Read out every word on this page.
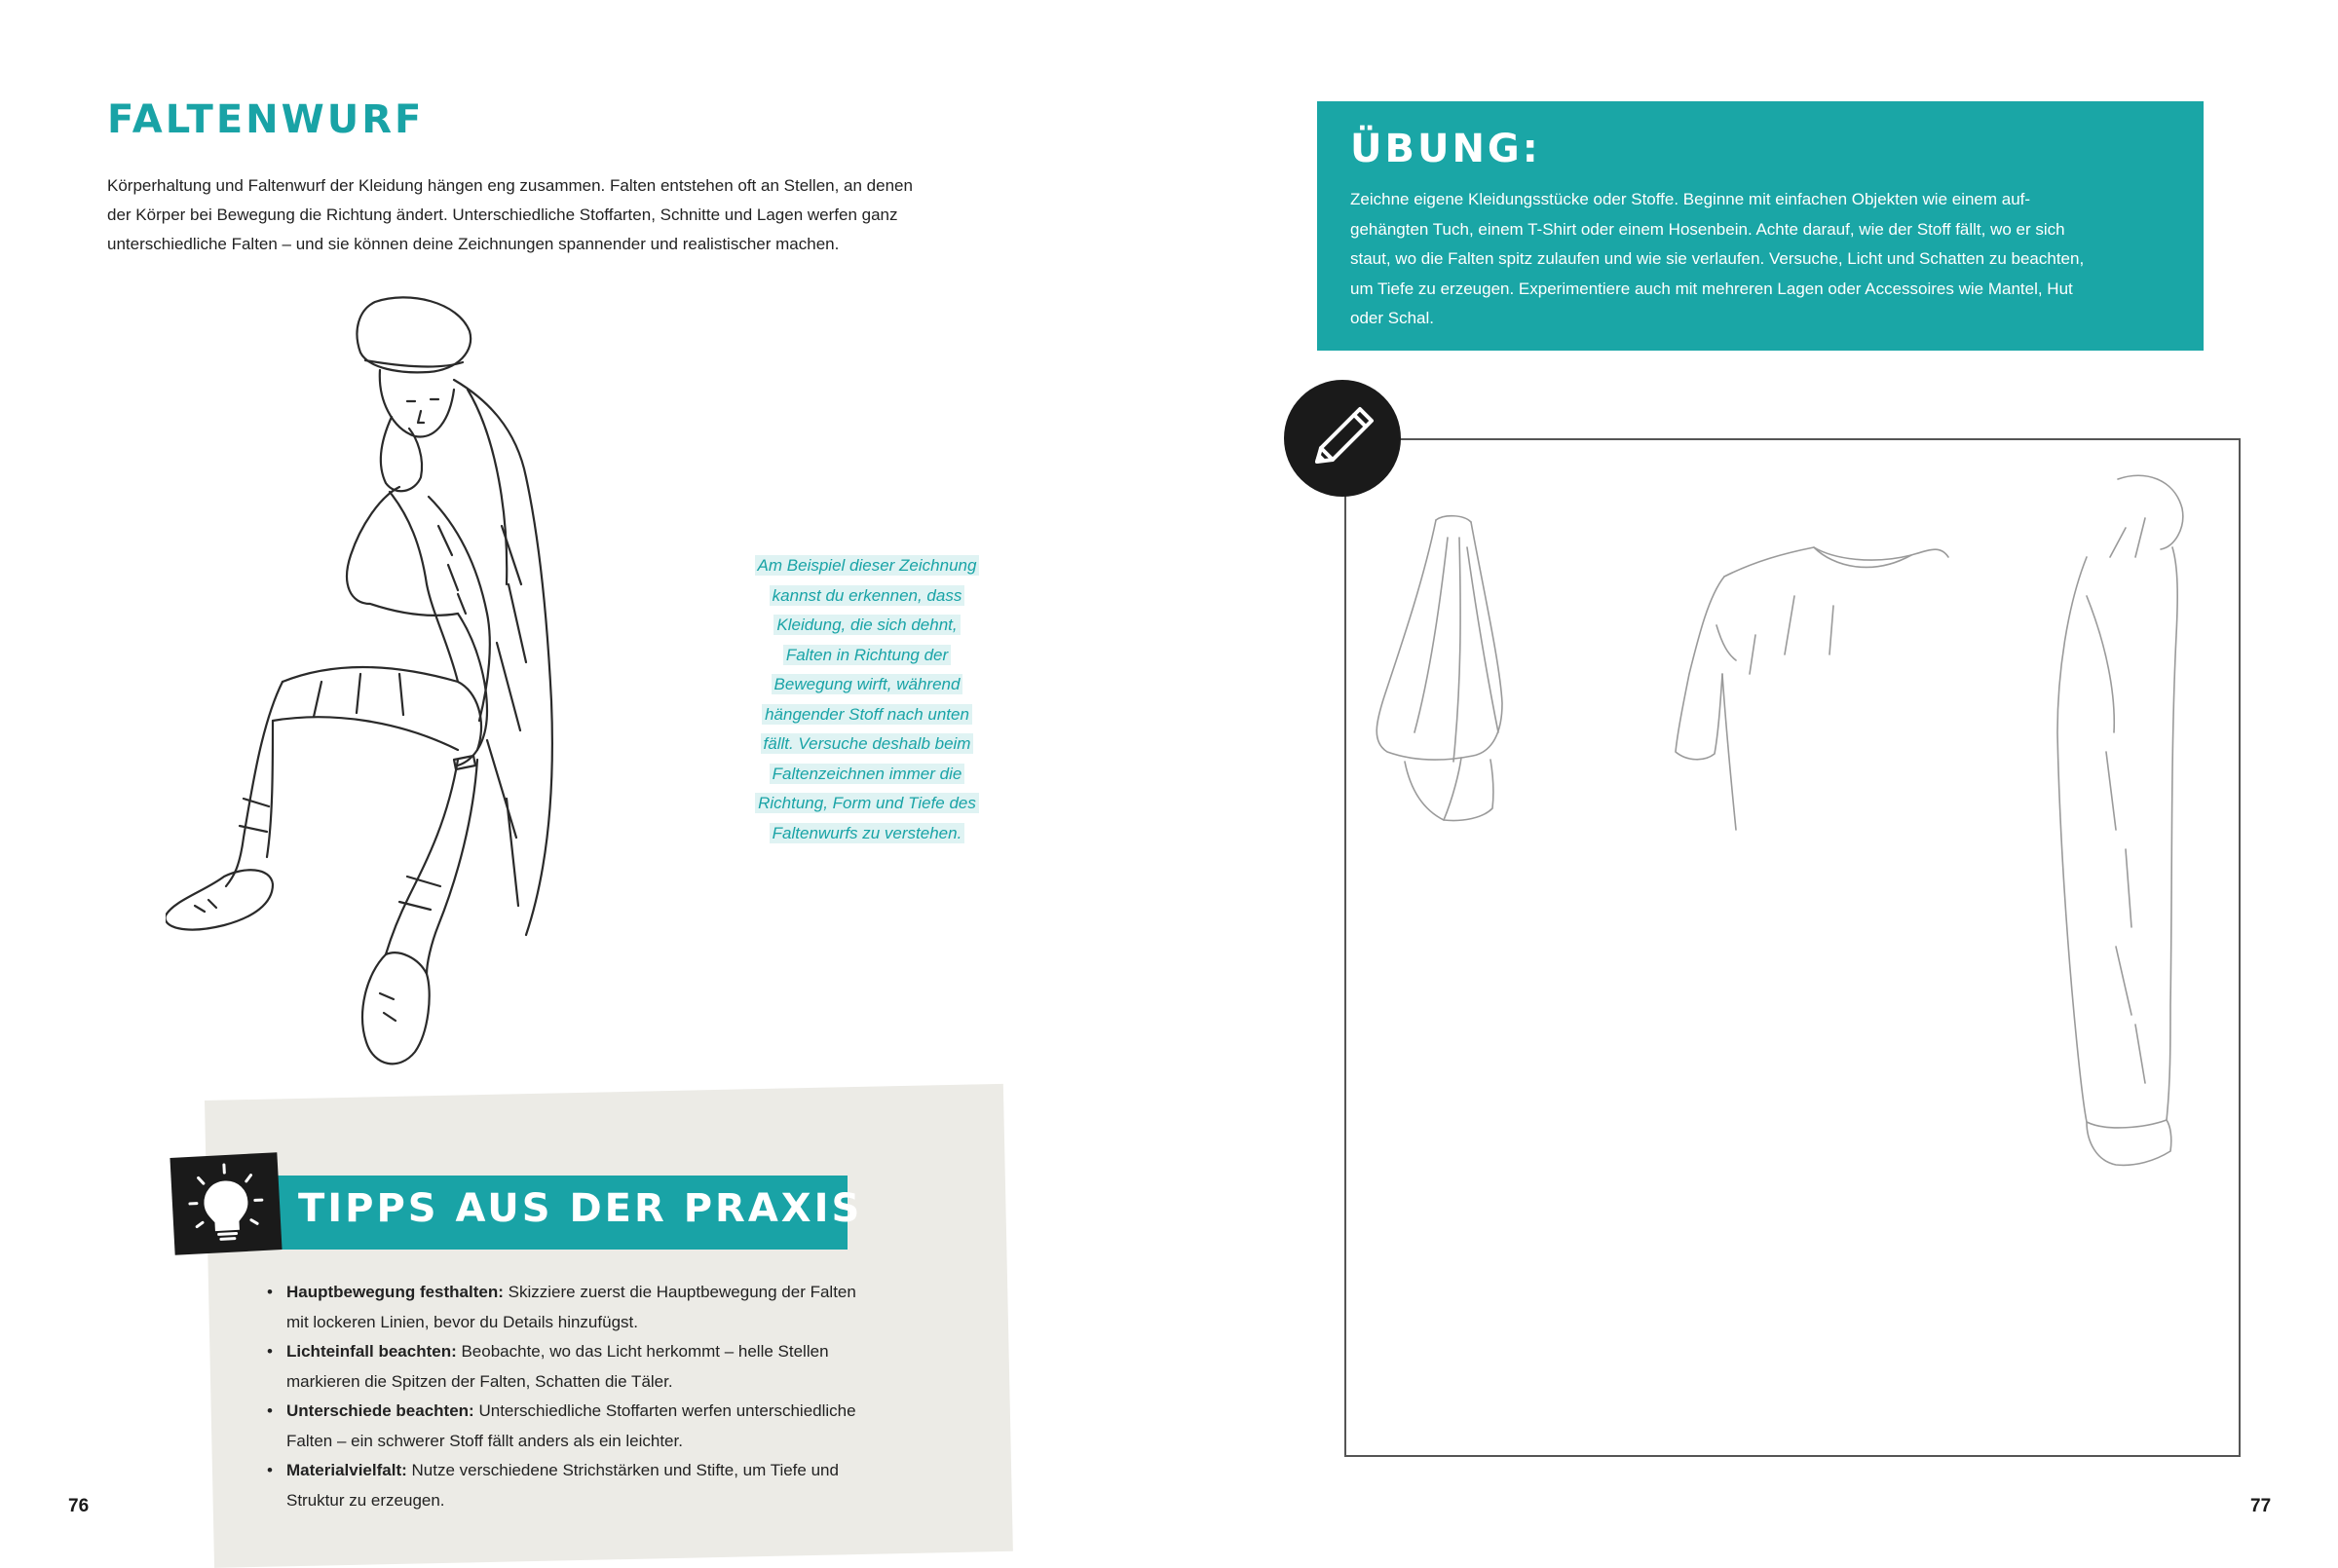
FALTENWURF
Körperhaltung und Faltenwurf der Kleidung hängen eng zusammen. Falten entstehen oft an Stellen, an denen
der Körper bei Bewegung die Richtung ändert. Unterschiedliche Stoffarten, Schnitte und Lagen werfen ganz
unterschiedliche Falten – und sie können deine Zeichnungen spannender und realistischer machen.
Am Beispiel dieser Zeichnung
kannst du erkennen, dass
Kleidung, die sich dehnt,
Falten in Richtung der
Bewegung wirft, während
hängender Stoff nach unten
fällt. Versuche deshalb beim
Faltenzeichnen immer die
Richtung, Form und Tiefe des
Faltenwurfs zu verstehen.
TIPPS AUS DER PRAXIS
• Hauptbewegung festhalten: Skizziere zuerst die Hauptbewegung der Falten
mit lockeren Linien, bevor du Details hinzufügst.
• Lichteinfall beachten: Beobachte, wo das Licht herkommt – helle Stellen
markieren die Spitzen der Falten, Schatten die Täler.
• Unterschiede beachten: Unterschiedliche Stoffarten werfen unterschiedliche
Falten – ein schwerer Stoff fällt anders als ein leichter.
• Materialvielfalt: Nutze verschiedene Strichstärken und Stifte, um Tiefe und
Struktur zu erzeugen.
76
ÜBUNG:
Zeichne eigene Kleidungsstücke oder Stoffe. Beginne mit einfachen Objekten wie einem auf-
gehängten Tuch, einem T-Shirt oder einem Hosenbein. Achte darauf, wie der Stoff fällt, wo er sich
staut, wo die Falten spitz zulaufen und wie sie verlaufen. Versuche, Licht und Schatten zu beachten,
um Tiefe zu erzeugen. Experimentiere auch mit mehreren Lagen oder Accessoires wie Mantel, Hut
oder Schal.
77
